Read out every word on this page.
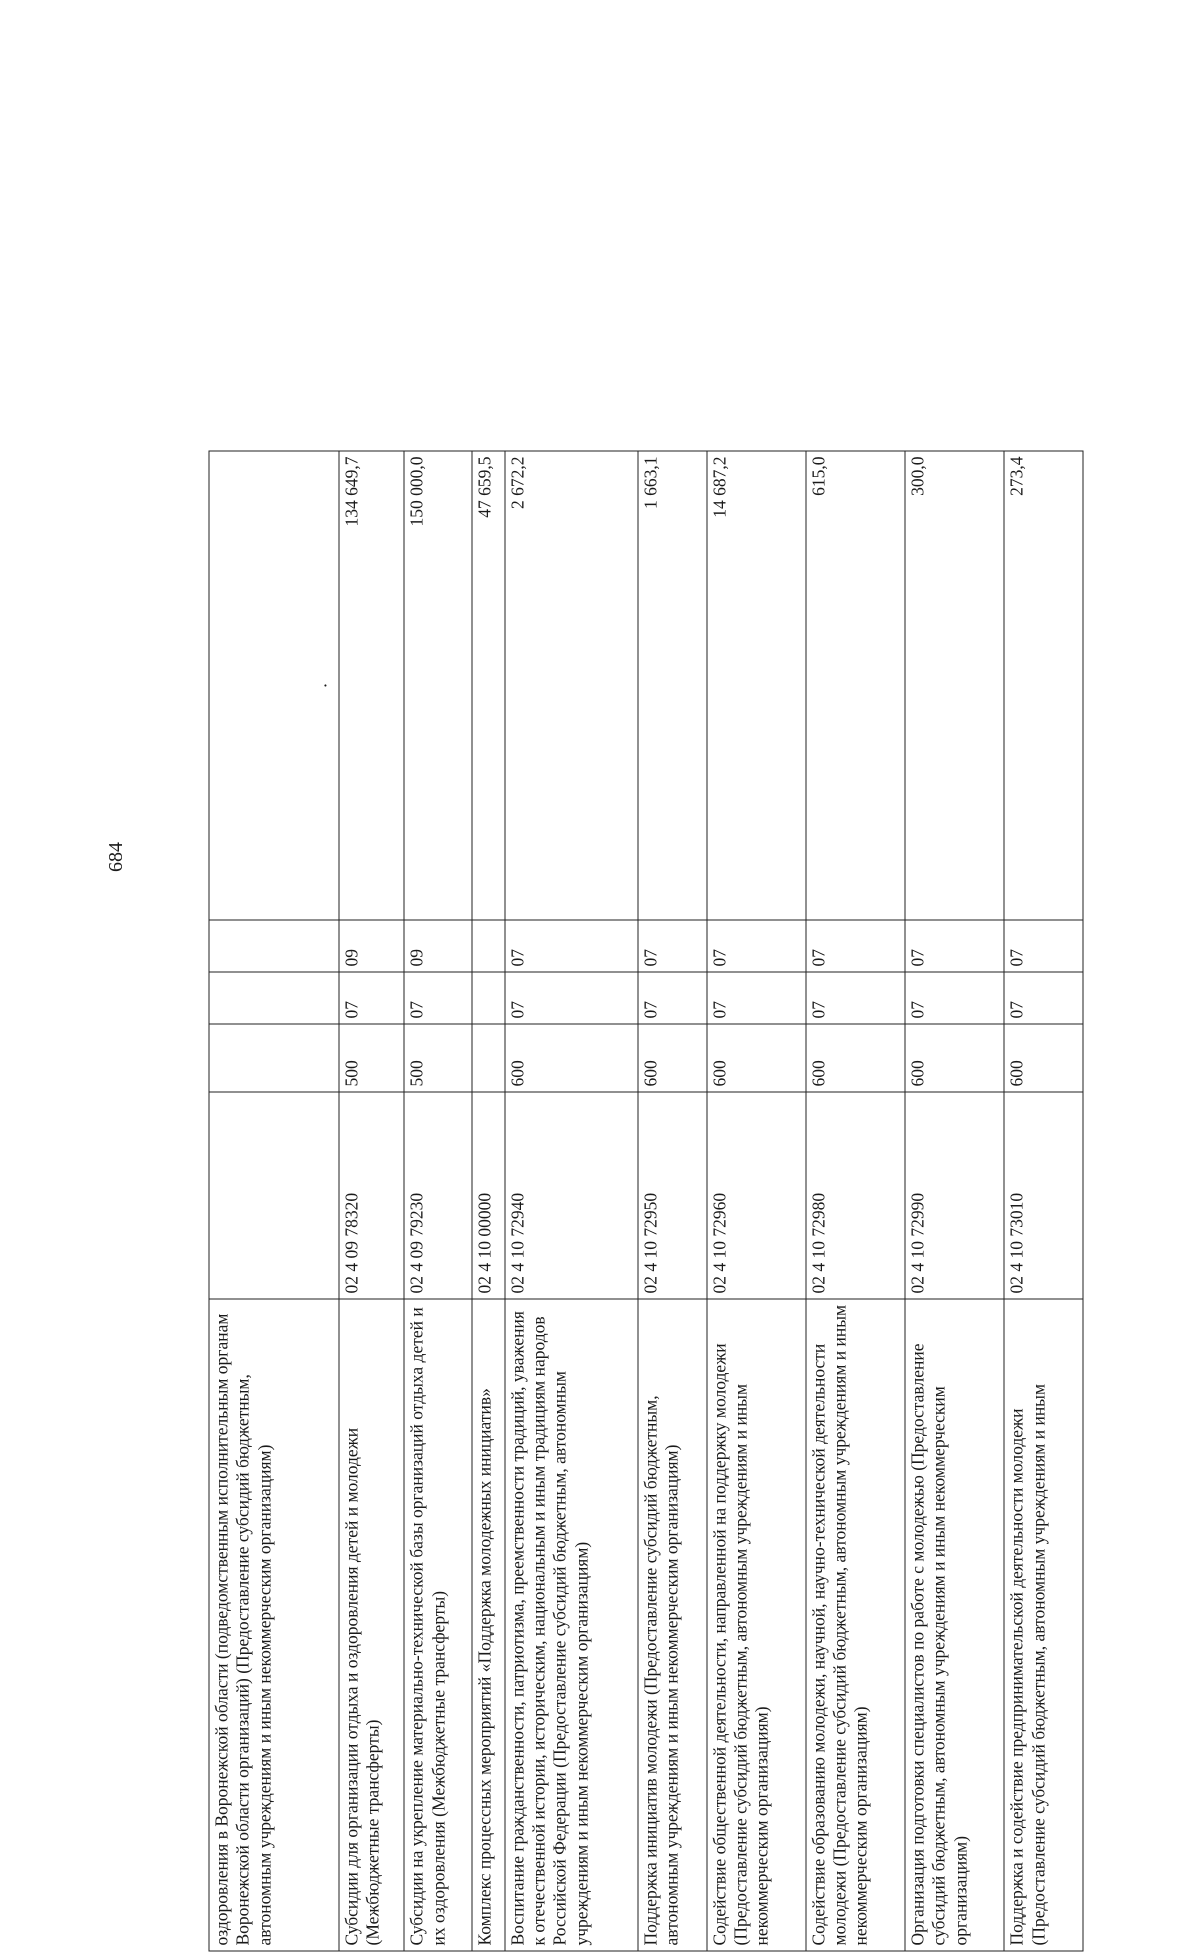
684
оздоровления в Воронежской области (подведомственным исполнительным органам Воронежской области организаций) (Предоставление субсидий бюджетным, автономным учреждениям и иным некоммерческим организациям)					·
Субсидии для организации отдыха и оздоровления детей и молодежи (Межбюджетные трансферты)	02 4 09 78320	500	07	09	134 649,7
Субсидии на укрепление материально-технической базы организаций отдыха детей и их оздоровления (Межбюджетные трансферты)	02 4 09 79230	500	07	09	150 000,0
Комплекс процессных мероприятий «Поддержка молодежных инициатив»	02 4 10 00000				47 659,5
Воспитание гражданственности, патриотизма, преемственности традиций, уважения к отечественной истории, историческим, национальным и иным традициям народов Российской Федерации (Предоставление субсидий бюджетным, автономным учреждениям и иным некоммерческим организациям)	02 4 10 72940	600	07	07	2 672,2
Поддержка инициатив молодежи (Предоставление субсидий бюджетным, автономным учреждениям и иным некоммерческим организациям)	02 4 10 72950	600	07	07	1 663,1
Содействие общественной деятельности, направленной на поддержку молодежи (Предоставление субсидий бюджетным, автономным учреждениям и иным некоммерческим организациям)	02 4 10 72960	600	07	07	14 687,2
Содействие образованию молодежи, научной, научно-технической деятельности молодежи (Предоставление субсидий бюджетным, автономным учреждениям и иным некоммерческим организациям)	02 4 10 72980	600	07	07	615,0
Организация подготовки специалистов по работе с молодежью (Предоставление субсидий бюджетным, автономным учреждениям и иным некоммерческим организациям)	02 4 10 72990	600	07	07	300,0
Поддержка и содействие предпринимательской деятельности молодежи (Предоставление субсидий бюджетным, автономным учреждениям и иным	02 4 10 73010	600	07	07	273,4
